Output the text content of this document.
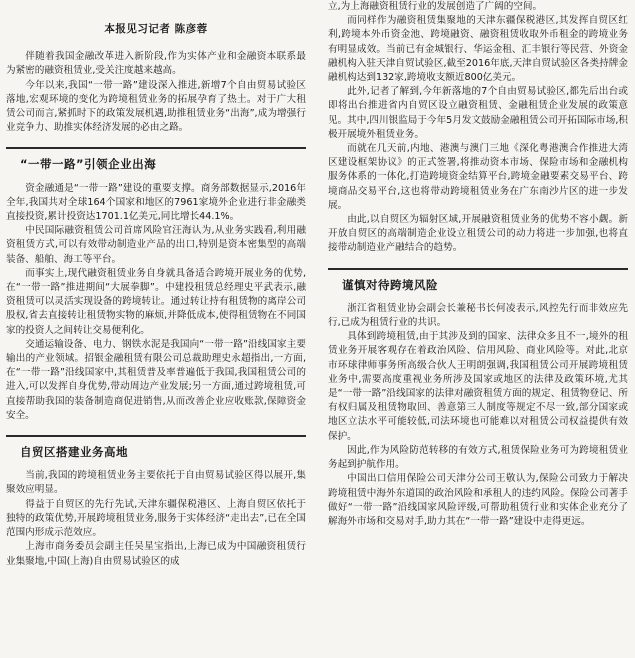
本报见习记者 陈彦蓉

伴随着我国金融改革进入新阶段,作为实体产业和金融资本联系最为紧密的融资租赁业,受关注度越来越高。

今年以来,我国“一带一路”建设深入推进,新增7个自由贸易试验区落地,宏观环境的变化为跨境租赁业务的拓展孕育了热土。对于广大租赁公司而言,紧抓时下的政策发展机遇,助推租赁业务“出海”,成为增强行业竞争力、助推实体经济发展的必由之路。

“一带一路”引领企业出海

资金融通是“一带一路”建设的重要支撑。商务部数据显示,2016年全年,我国共对全球164个国家和地区的7961家境外企业进行非金融类直接投资,累计投资达1701.1亿美元,同比增长44.1%。

中民国际融资租赁公司首席风险官汪海认为,从业务实践看,利用融资租赁方式,可以有效带动制造业产品的出口,特别是资本密集型的高端装备、船舶、海工等平台。

而事实上,现代融资租赁业务自身就具备适合跨境开展业务的优势,在“一带一路”推进期间“大展拳脚”。中建投租赁总经理史平武表示,融资租赁可以灵活实现设备的跨境转让。通过转让持有租赁物的离岸公司股权,省去直接转让租赁物实物的麻烦,并降低成本,使得租赁物在不同国家的投资人之间转让交易便利化。

交通运输设备、电力、钢铁水泥是我国向“一带一路”沿线国家主要输出的产业领域。招银金融租赁有限公司总裁助理史永超指出,一方面,在“一带一路”沿线国家中,其租赁普及率普遍低于我国,我国租赁公司的进入,可以发挥自身优势,带动周边产业发展;另一方面,通过跨境租赁,可直接帮助我国的装备制造商促进销售,从而改善企业应收账款,保障资金安全。

自贸区搭建业务高地

当前,我国的跨境租赁业务主要依托于自由贸易试验区得以展开,集聚效应明显。

得益于自贸区的先行先试,天津东疆保税港区、上海自贸区依托于独特的政策优势,开展跨境租赁业务,服务于实体经济“走出去”,已在全国范围内形成示范效应。

上海市商务委员会副主任吴星宝指出,上海已成为中国融资租赁行业集聚地,中国(上海)自由贸易试验区的成

立,为上海融资租赁行业的发展创造了广阔的空间。

而同样作为融资租赁集聚地的天津东疆保税港区,其发挥自贸区红利,跨境本外币资金池、跨境融资、融资租赁收取外币租金的跨境业务有明显成效。当前已有金城银行、华运金租、汇丰银行等民营、外资金融机构入驻天津自贸试验区,截至2016年底,天津自贸试验区各类持牌金融机构达到132家,跨境收支额近800亿美元。

此外,记者了解到,今年新落地的7个自由贸易试验区,都先后出台或即将出台推进省内自贸区设立融资租赁、金融租赁企业发展的政策意见。其中,四川银监局于今年5月发文鼓励金融租赁公司开拓国际市场,积极开展境外租赁业务。

而就在几天前,内地、港澳与澳门三地《深化粤港澳合作推进大湾区建设框架协议》的正式签署,将推动资本市场、保险市场和金融机构服务体系的一体化,打造跨境资金结算平台,跨境金融要素交易平台、跨境商品交易平台,这也将带动跨境租赁业务在广东南沙片区的进一步发展。

由此,以自贸区为辐射区域,开展融资租赁业务的优势不容小觑。新开放自贸区的高端制造企业设立租赁公司的动力将进一步加强,也将直接带动制造业产融结合的趋势。

谨慎对待跨境风险

浙江省租赁业协会副会长兼秘书长何凌表示,风控先行而非效应先行,已成为租赁行业的共识。

具体到跨境租赁,由于其涉及到的国家、法律众多且不一,境外的租赁业务开展客观存在着政治风险、信用风险、商业风险等。对此,北京市环球律师事务所高级合伙人王明朗强调,我国租赁公司开展跨境租赁业务中,需要高度重视业务所涉及国家或地区的法律及政策环境,尤其是“一带一路”沿线国家的法律对融资租赁方面的规定、租赁物登记、所有权归属及租赁物取回、善意第三人制度等规定不尽一致,部分国家或地区立法水平可能较低,司法环境也可能难以对租赁公司权益提供有效保护。

因此,作为风险防范转移的有效方式,租赁保险业务可为跨境租赁业务起到护航作用。

中国出口信用保险公司天津分公司王敬认为,保险公司致力于解决跨境租赁中海外东道国的政治风险和承租人的违约风险。保险公司著手做好“一带一路”沿线国家风险评级,可帮助租赁行业和实体企业充分了解海外市场和交易对手,助力其在“一带一路”建设中走得更远。
